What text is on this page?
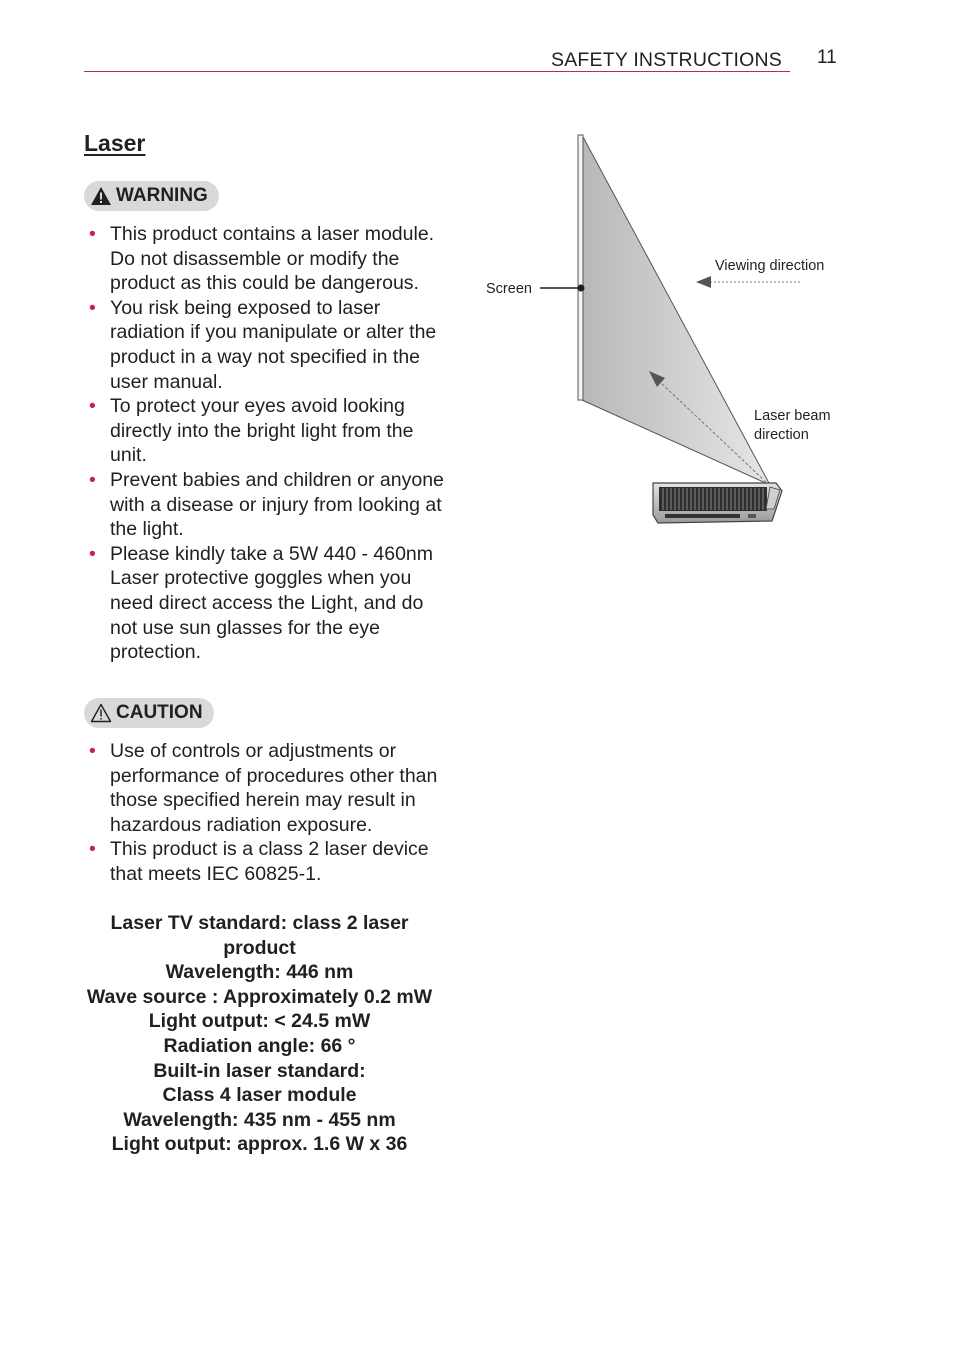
SAFETY INSTRUCTIONS 11
Laser
WARNING
• This product contains a laser module. Do not disassemble or modify the product as this could be dangerous.
• You risk being exposed to laser radiation if you manipulate or alter the product in a way not specified in the user manual.
• To protect your eyes avoid looking directly into the bright light from the unit.
• Prevent babies and children or anyone with a disease or injury from looking at the light.
• Please kindly take a 5W 440 - 460nm Laser protective goggles when you need direct access the Light, and do not use sun glasses for the eye protection.
CAUTION
• Use of controls or adjustments or performance of procedures other than those specified herein may result in hazardous radiation exposure.
• This product is a class 2 laser device that meets IEC 60825-1.
Laser TV standard: class 2 laser
product
Wavelength: 446 nm
Wave source : Approximately 0.2 mW
Light output: < 24.5 mW
Radiation angle: 66 °
Built-in laser standard:
Class 4 laser module
Wavelength: 435 nm - 455 nm
Light output: approx. 1.6 W x 36
Screen
Viewing direction
Laser beam
direction
